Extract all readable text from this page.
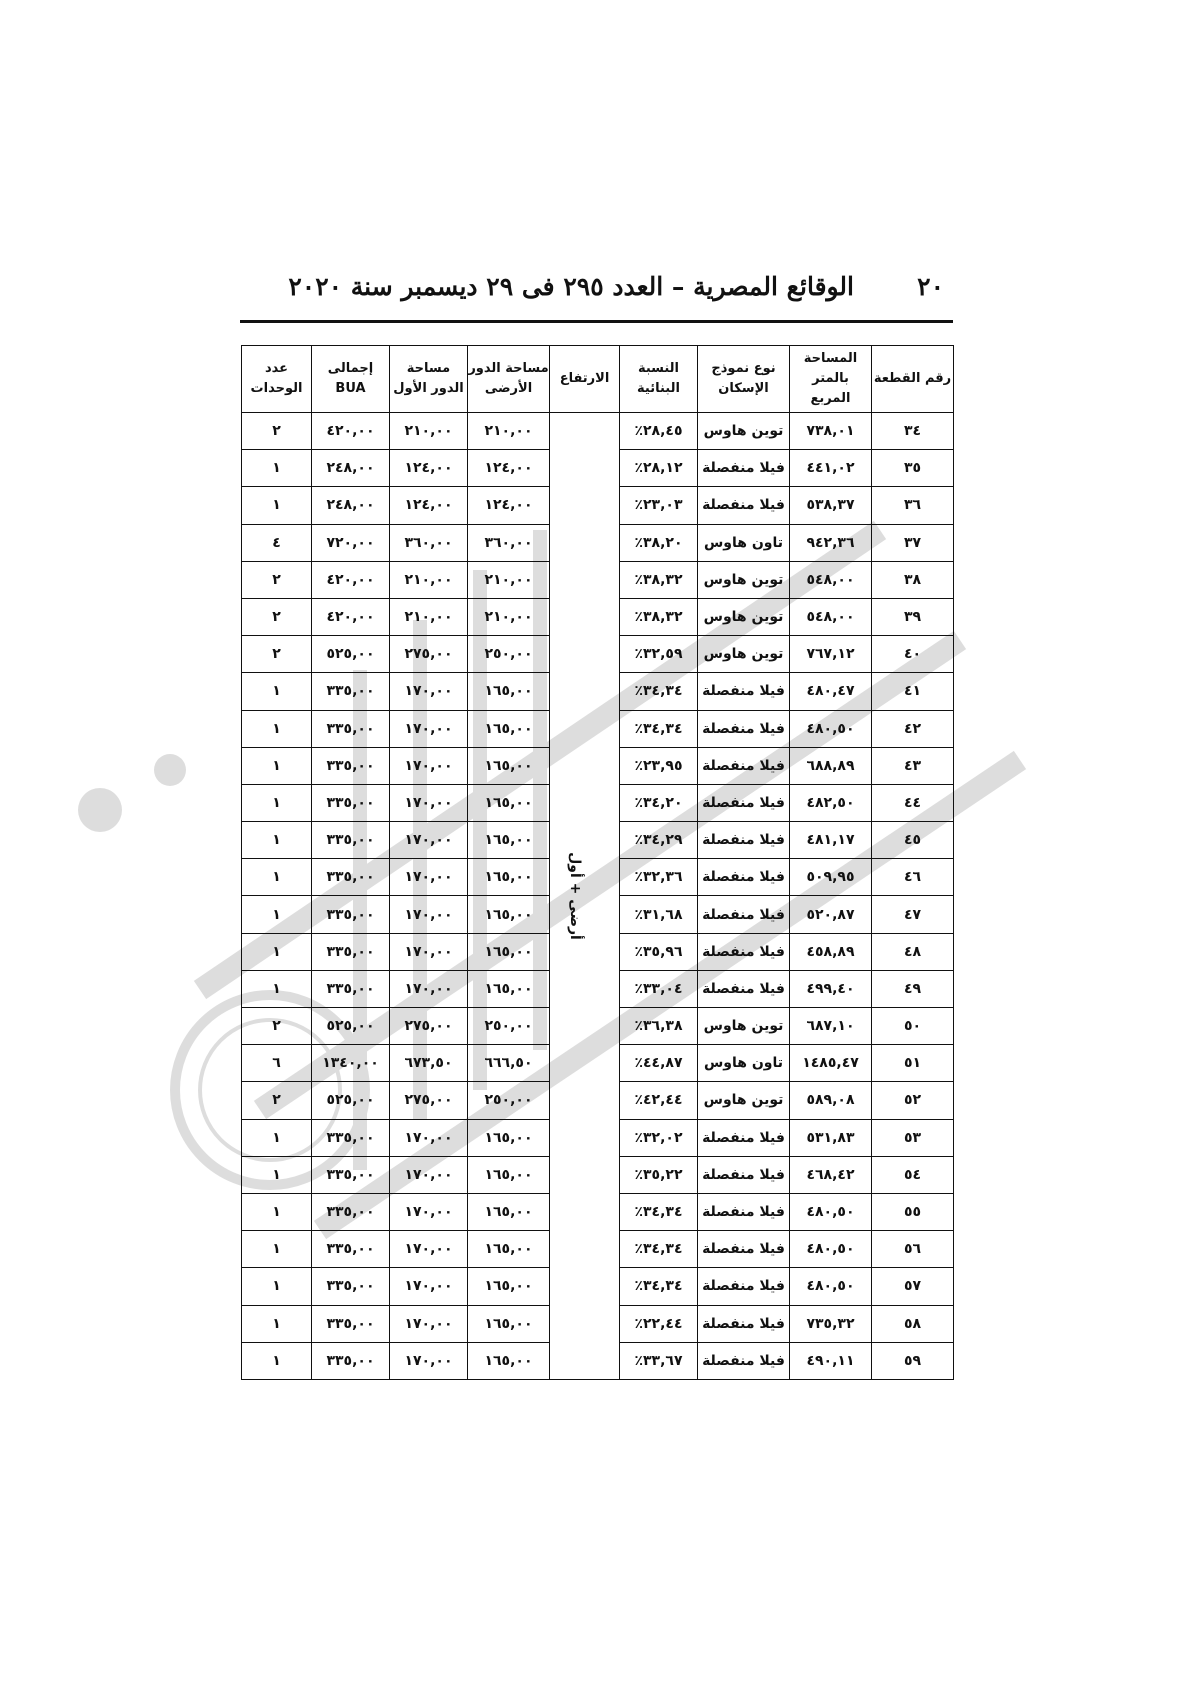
الوقائع المصرية – العدد ٢٩٥ فى ٢٩ ديسمبر سنة ٢٠٢٠	٢٠
رقم القطعة	المساحة بالمتر المربع	نوع نموذج الإسكان	النسبة البنائية	الارتفاع	مساحة الدور الأرضى	مساحة الدور الأول	إجمالى BUA	عدد الوحدات
٣٤	٧٣٨,٠١	توين هاوس	٢٨,٤٥٪	أرضى + أول	٢١٠,٠٠	٢١٠,٠٠	٤٢٠,٠٠	٢
٣٥	٤٤١,٠٢	فيلا منفصلة	٢٨,١٢٪		١٢٤,٠٠	١٢٤,٠٠	٢٤٨,٠٠	١
٣٦	٥٣٨,٣٧	فيلا منفصلة	٢٣,٠٣٪		١٢٤,٠٠	١٢٤,٠٠	٢٤٨,٠٠	١
٣٧	٩٤٢,٣٦	تاون هاوس	٣٨,٢٠٪		٣٦٠,٠٠	٣٦٠,٠٠	٧٢٠,٠٠	٤
٣٨	٥٤٨,٠٠	توين هاوس	٣٨,٣٢٪		٢١٠,٠٠	٢١٠,٠٠	٤٢٠,٠٠	٢
٣٩	٥٤٨,٠٠	توين هاوس	٣٨,٣٢٪		٢١٠,٠٠	٢١٠,٠٠	٤٢٠,٠٠	٢
٤٠	٧٦٧,١٢	توين هاوس	٣٢,٥٩٪		٢٥٠,٠٠	٢٧٥,٠٠	٥٢٥,٠٠	٢
٤١	٤٨٠,٤٧	فيلا منفصلة	٣٤,٣٤٪		١٦٥,٠٠	١٧٠,٠٠	٣٣٥,٠٠	١
٤٢	٤٨٠,٥٠	فيلا منفصلة	٣٤,٣٤٪		١٦٥,٠٠	١٧٠,٠٠	٣٣٥,٠٠	١
٤٣	٦٨٨,٨٩	فيلا منفصلة	٢٣,٩٥٪		١٦٥,٠٠	١٧٠,٠٠	٣٣٥,٠٠	١
٤٤	٤٨٢,٥٠	فيلا منفصلة	٣٤,٢٠٪		١٦٥,٠٠	١٧٠,٠٠	٣٣٥,٠٠	١
٤٥	٤٨١,١٧	فيلا منفصلة	٣٤,٢٩٪		١٦٥,٠٠	١٧٠,٠٠	٣٣٥,٠٠	١
٤٦	٥٠٩,٩٥	فيلا منفصلة	٣٢,٣٦٪		١٦٥,٠٠	١٧٠,٠٠	٣٣٥,٠٠	١
٤٧	٥٢٠,٨٧	فيلا منفصلة	٣١,٦٨٪		١٦٥,٠٠	١٧٠,٠٠	٣٣٥,٠٠	١
٤٨	٤٥٨,٨٩	فيلا منفصلة	٣٥,٩٦٪		١٦٥,٠٠	١٧٠,٠٠	٣٣٥,٠٠	١
٤٩	٤٩٩,٤٠	فيلا منفصلة	٣٣,٠٤٪		١٦٥,٠٠	١٧٠,٠٠	٣٣٥,٠٠	١
٥٠	٦٨٧,١٠	توين هاوس	٣٦,٣٨٪		٢٥٠,٠٠	٢٧٥,٠٠	٥٢٥,٠٠	٢
٥١	١٤٨٥,٤٧	تاون هاوس	٤٤,٨٧٪		٦٦٦,٥٠	٦٧٣,٥٠	١٣٤٠,٠٠	٦
٥٢	٥٨٩,٠٨	توين هاوس	٤٢,٤٤٪		٢٥٠,٠٠	٢٧٥,٠٠	٥٢٥,٠٠	٢
٥٣	٥٣١,٨٣	فيلا منفصلة	٣٢,٠٢٪		١٦٥,٠٠	١٧٠,٠٠	٣٣٥,٠٠	١
٥٤	٤٦٨,٤٢	فيلا منفصلة	٣٥,٢٢٪		١٦٥,٠٠	١٧٠,٠٠	٣٣٥,٠٠	١
٥٥	٤٨٠,٥٠	فيلا منفصلة	٣٤,٣٤٪		١٦٥,٠٠	١٧٠,٠٠	٣٣٥,٠٠	١
٥٦	٤٨٠,٥٠	فيلا منفصلة	٣٤,٣٤٪		١٦٥,٠٠	١٧٠,٠٠	٣٣٥,٠٠	١
٥٧	٤٨٠,٥٠	فيلا منفصلة	٣٤,٣٤٪		١٦٥,٠٠	١٧٠,٠٠	٣٣٥,٠٠	١
٥٨	٧٣٥,٣٢	فيلا منفصلة	٢٢,٤٤٪		١٦٥,٠٠	١٧٠,٠٠	٣٣٥,٠٠	١
٥٩	٤٩٠,١١	فيلا منفصلة	٣٣,٦٧٪		١٦٥,٠٠	١٧٠,٠٠	٣٣٥,٠٠	١
